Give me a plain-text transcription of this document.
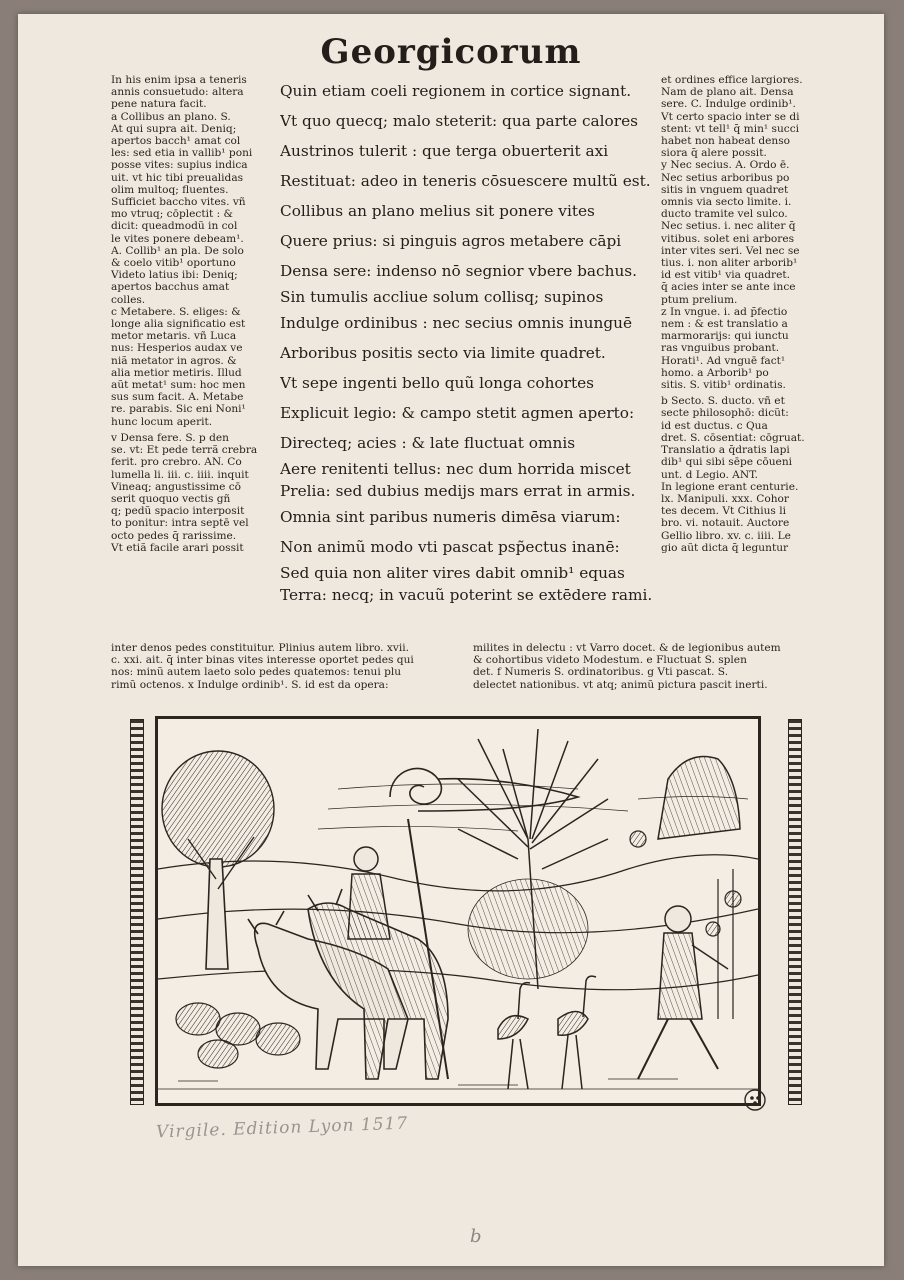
Georgicorum
In his enim ipsa a teneris
annis consuetudo: altera
pene natura facit.
a Collibus an plano. S.
At qui supra ait. Deniq;
apertos bacch¹ amat col
les: sed etia in vallib¹ poni
posse vites: supius indica
uit. vt hic tibi preualidas
olim multoq; fluentes.
Sufficiet baccho vites. vñ
mo vtruq; cōplectit : &
dicit: queadmodũ in col
le vites ponere debeam¹.
A. Collib¹ an pla. De solo
& coelo vitib¹ oportuno
Videto latius ibi: Deniq;
apertos bacchus amat
colles.
c Metabere. S. eliges: &
longe alia significatio est
metor metaris. vñ Luca
nus: Hesperios audax ve
niã metator in agros. &
alia metior metiris. Illud
aũt metat¹ sum: hoc men
sus sum facit. A. Metabe
re. parabis. Sic eni Noni¹
hunc locum aperit.
v Densa fere. S. p den
se. vt: Et pede terrã crebra
ferit. pro crebro. AN. Co
lumella li. iii. c. iiii. inquit
Vineaq; angustissime cō
serit quoquo vectis gñ
q; pedũ spacio interposit
to ponitur: intra septē vel
octo pedes q̄ rarissime.
Vt etiã facile arari possit
Quin etiam coeli regionem in cortice signant.
Vt quo quecq; malo steterit: qua parte calores
Austrinos tulerit : que terga obuerterit axi
Restituat: adeo in teneris cōsuescere multũ est.
Collibus an plano melius sit ponere vites
Quere prius: si pinguis agros metabere cāpi
Densa sere: indenso nō segnior vbere bachus.
Sin tumulis accliue solum collisq; supinos
Indulge ordinibus : nec secius omnis inunguē
Arboribus positis secto via limite quadret.
Vt sepe ingenti bello quũ longa cohortes
Explicuit legio: & campo stetit agmen aperto:
Directeq; acies : & late fluctuat omnis
Aere renitenti tellus: nec dum horrida miscet
Prelia: sed dubius medijs mars errat in armis.
Omnia sint paribus numeris dimēsa viarum:
Non animũ modo vti pascat psp̃ectus inanē:
Sed quia non aliter vires dabit omnib¹ equas
Terra: necq; in vacuũ poterint se extēdere rami.
et ordines effice largiores.
Nam de plano ait. Densa
sere. C. Indulge ordinib¹.
Vt certo spacio inter se di
stent: vt tell¹ q̄ min¹ succi
habet non habeat denso
siora q̄ alere possit.
y Nec secius. A. Ordo ē.
Nec setius arboribus po
sitis in vnguem quadret
omnis via secto limite. i.
ducto tramite vel sulco.
Nec setius. i. nec aliter q̄
vitibus. solet eni arbores
inter vites seri. Vel nec se
tius. i. non aliter arborib¹
id est vitib¹ via quadret.
q̄ acies inter se ante ince
ptum prelium.
z In vngue. i. ad p̄fectio
nem : & est translatio a
marmorarijs: qui iunctu
ras vnguibus probant.
Horati¹. Ad vnguē fact¹
homo. a Arborib¹ po
sitis. S. vitib¹ ordinatis.
b Secto. S. ducto. vñ et
secte philosophō: dicũt:
id est ductus. c Qua
dret. S. cōsentiat: cōgruat.
Translatio a q̄dratis lapi
dib¹ qui sibi sēpe cōueni
unt. d Legio. ANT.
In legione erant centurie.
lx. Manipuli. xxx. Cohor
tes decem. Vt Cithius li
bro. vi. notauit. Auctore
Gellio libro. xv. c. iiii. Le
gio aũt dicta q̄ leguntur
inter denos pedes constituitur. Plinius autem libro. xvii.
c. xxi. ait. q̄ inter binas vites interesse oportet pedes qui
nos: minũ autem laeto solo pedes quatemos: tenui plu
rimũ octenos. x Indulge ordinib¹. S. id est da opera:
milites in delectu : vt Varro docet. & de legionibus autem
& cohortibus videto Modestum. e Fluctuat S. splen
det. f Numeris S. ordinatoribus. g Vti pascat. S.
delectet nationibus. vt atq; animũ pictura pascit inerti.
Virgile. Edition Lyon 1517
b
